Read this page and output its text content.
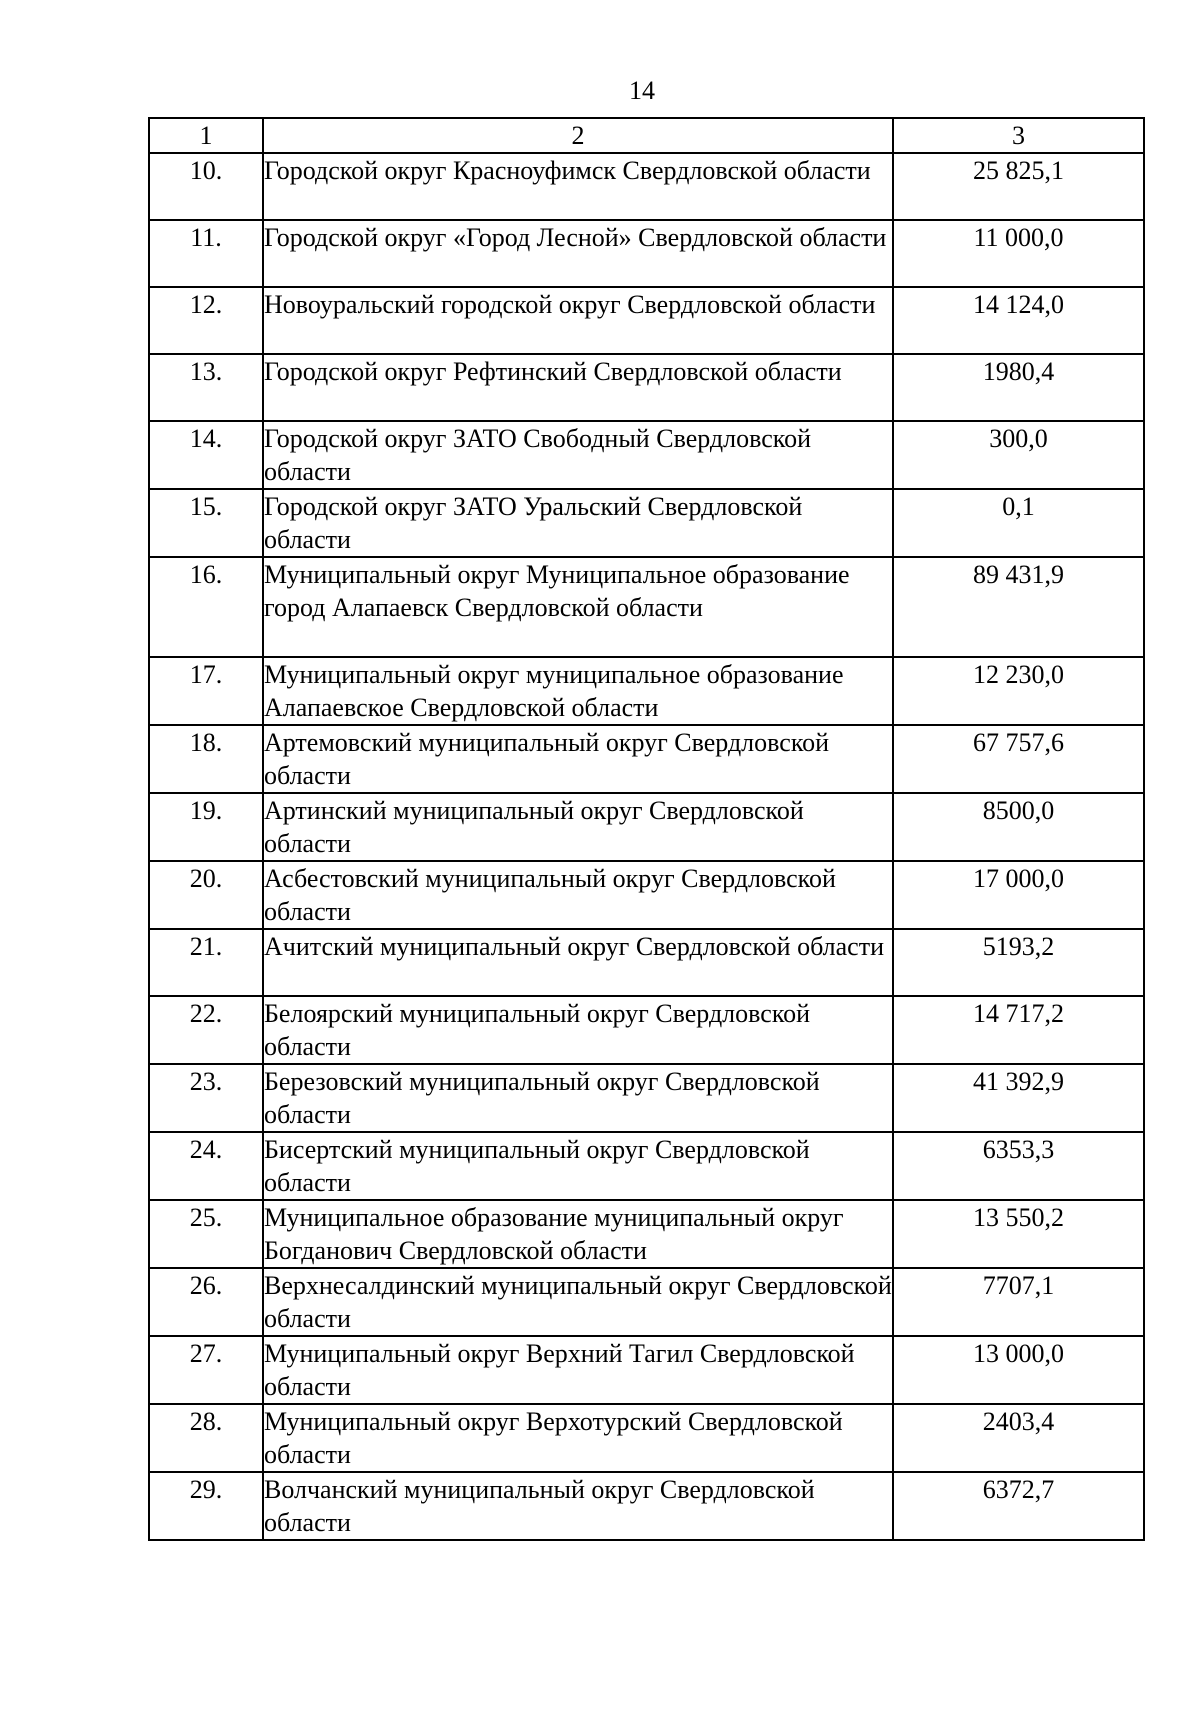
14
1	2	3
10.	Городской округ Красноуфимск Свердловской области	25 825,1
11.	Городской округ «Город Лесной» Свердловской области	11 000,0
12.	Новоуральский городской округ Свердловской области	14 124,0
13.	Городской округ Рефтинский Свердловской области	1980,4
14.	Городской округ ЗАТО Свободный Свердловской области	300,0
15.	Городской округ ЗАТО Уральский Свердловской области	0,1
16.	Муниципальный округ Муниципальное образование город Алапаевск Свердловской области	89 431,9
17.	Муниципальный округ муниципальное образование Алапаевское Свердловской области	12 230,0
18.	Артемовский муниципальный округ Свердловской области	67 757,6
19.	Артинский муниципальный округ Свердловской области	8500,0
20.	Асбестовский муниципальный округ Свердловской области	17 000,0
21.	Ачитский муниципальный округ Свердловской области	5193,2
22.	Белоярский муниципальный округ Свердловской области	14 717,2
23.	Березовский муниципальный округ Свердловской области	41 392,9
24.	Бисертский муниципальный округ Свердловской области	6353,3
25.	Муниципальное образование муниципальный округ Богданович Свердловской области	13 550,2
26.	Верхнесалдинский муниципальный округ Свердловской области	7707,1
27.	Муниципальный округ Верхний Тагил Свердловской области	13 000,0
28.	Муниципальный округ Верхотурский Свердловской области	2403,4
29.	Волчанский муниципальный округ Свердловской области	6372,7
